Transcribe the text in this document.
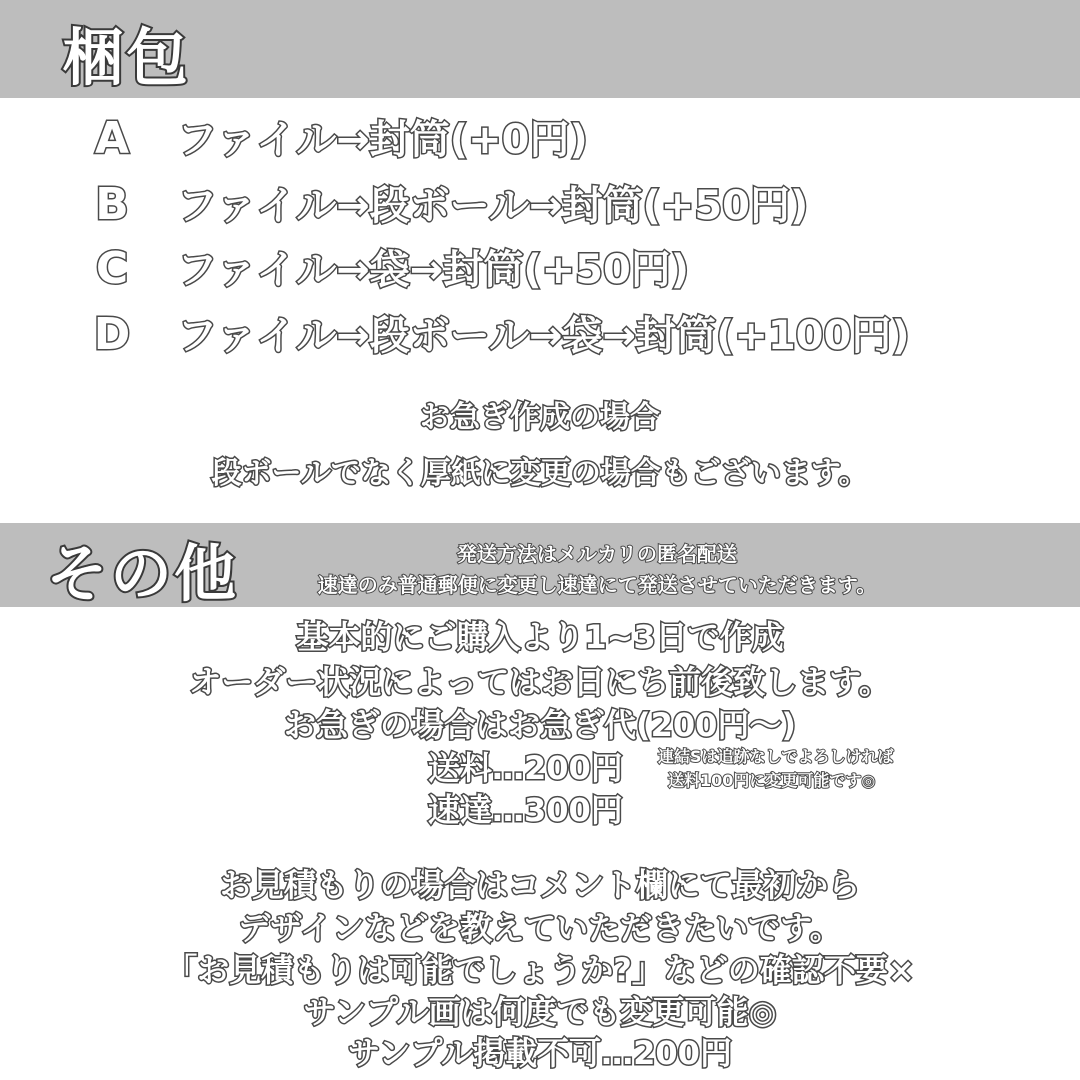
梱包
A ファイル→封筒(+0円)
B ファイル→段ボール→封筒(+50円)
C ファイル→袋→封筒(+50円)
D ファイル→段ボール→袋→封筒(+100円)
お急ぎ作成の場合
段ボールでなく厚紙に変更の場合もございます。
その他	発送方法はメルカリの匿名配送
速達のみ普通郵便に変更し速達にて発送させていただきます。
基本的にご購入より1~3日で作成
オーダー状況によってはお日にち前後致します。
お急ぎの場合はお急ぎ代(200円〜)
送料…200円
速達…300円
連結Sは追跡なしでよろしければ
送料100円に変更可能です◎
お見積もりの場合はコメント欄にて最初から
デザインなどを教えていただきたいです。
「お見積もりは可能でしょうか?」などの確認不要×
サンプル画は何度でも変更可能◎
サンプル掲載不可…200円
